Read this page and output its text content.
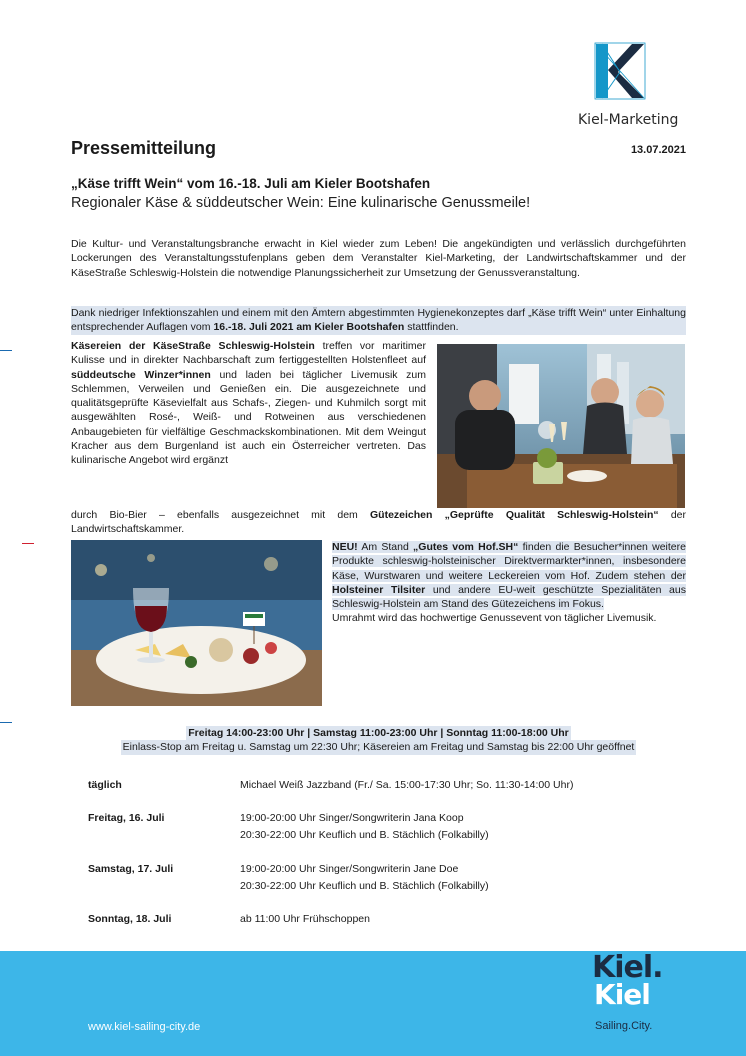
Kiel-Marketing
Pressemitteilung	13.07.2021
„Käse trifft Wein“ vom 16.-18. Juli am Kieler Bootshafen
Regionaler Käse & süddeutscher Wein: Eine kulinarische Genussmeile!
Die Kultur- und Veranstaltungsbranche erwacht in Kiel wieder zum Leben! Die angekündigten und verlässlich durchgeführten Lockerungen des Veranstaltungsstufenplans geben dem Veranstalter Kiel-Marketing, der Landwirtschaftskammer und der KäseStraße Schleswig-Holstein die notwendige Planungssicherheit zur Umsetzung der Genussveranstaltung.
Dank niedriger Infektionszahlen und einem mit den Ämtern abgestimmten Hygienekonzeptes darf „Käse trifft Wein“ unter Einhaltung entsprechender Auflagen vom 16.-18. Juli 2021 am Kieler Bootshafen stattfinden.
Käsereien der KäseStraße Schleswig-Holstein treffen vor maritimer Kulisse und in direkter Nachbarschaft zum fertiggestellten Holstenfleet auf süddeutsche Winzer*innen und laden bei täglicher Livemusik zum Schlemmen, Verweilen und Genießen ein. Die ausgezeichnete und qualitätsgeprüfte Käsevielfalt aus Schafs-, Ziegen- und Kuhmilch sorgt mit ausgewählten Rosé-, Weiß- und Rotweinen aus verschiedenen Anbaugebieten für vielfältige Geschmackskombinationen. Mit dem Weingut Kracher aus dem Burgenland ist auch ein Österreicher vertreten. Das kulinarische Angebot wird ergänzt
durch Bio-Bier – ebenfalls ausgezeichnet mit dem Gütezeichen „Geprüfte Qualität Schleswig-Holstein“ der Landwirtschaftskammer.
NEU! Am Stand „Gutes vom Hof.SH“ finden die Besucher*innen weitere Produkte schleswig-holsteinischer Direktvermarkter*innen, insbesondere Käse, Wurstwaren und weitere Leckereien vom Hof. Zudem stehen der Holsteiner Tilsiter und andere EU-weit geschützte Spezialitäten aus Schleswig-Holstein am Stand des Gütezeichens im Fokus.
Umrahmt wird das hochwertige Genussevent von täglicher Livemusik.
Freitag 14:00-23:00 Uhr | Samstag 11:00-23:00 Uhr | Sonntag 11:00-18:00 Uhr
Einlass-Stop am Freitag u. Samstag um 22:30 Uhr; Käsereien am Freitag und Samstag bis 22:00 Uhr geöffnet
täglich	Michael Weiß Jazzband (Fr./ Sa. 15:00-17:30 Uhr; So. 11:30-14:00 Uhr)
Freitag, 16. Juli	19:00-20:00 Uhr Singer/Songwriterin Jana Koop
20:30-22:00 Uhr Keuflich und B. Stächlich (Folkabilly)
Samstag, 17. Juli	19:00-20:00 Uhr Singer/Songwriterin Jane Doe
20:30-22:00 Uhr Keuflich und B. Stächlich (Folkabilly)
Sonntag, 18. Juli	ab 11:00 Uhr Frühschoppen
www.kiel-sailing-city.de
Kiel.
Kiel
Sailing.City.
